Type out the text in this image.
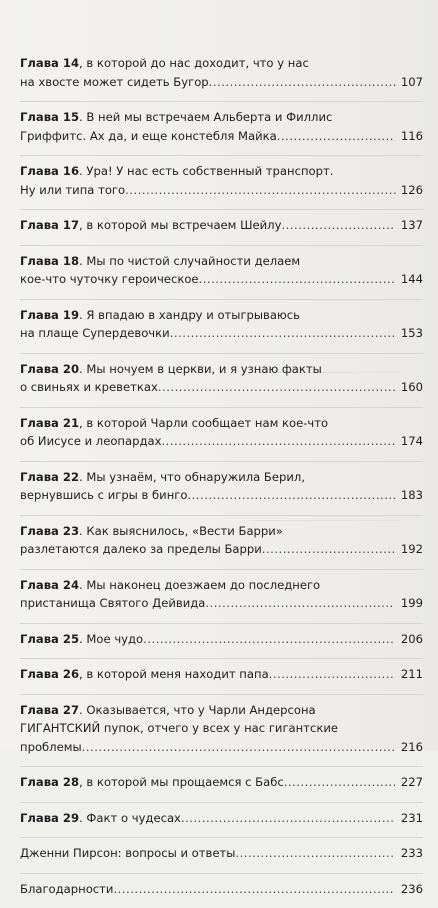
Глава 14, в которой до нас доходит, что у нас
на хвосте может сидеть Бугор............................................. 107
Глава 15. В ней мы встречаем Альберта и Филлис
Гриффитс. Ах да, и еще констебля Майка............................ 116
Глава 16. Ура! У нас есть собственный транспорт.
Ну или типа того................................................................. 126
Глава 17, в которой мы встречаем Шейлу........................... 137
Глава 18. Мы по чистой случайности делаем
кое-что чуточку героическое............................................... 144
Глава 19. Я впадаю в хандру и отыгрываюсь
на плаще Супердевочки...................................................... 153
Глава 20. Мы ночуем в церкви, и я узнаю факты
о свиньях и креветках......................................................... 160
Глава 21, в которой Чарли сообщает нам кое-что
об Иисусе и леопардах........................................................ 174
Глава 22. Мы узнаём, что обнаружила Берил,
вернувшись с игры в бинго.................................................. 183
Глава 23. Как выяснилось, «Вести Барри»
разлетаются далеко за пределы Барри................................ 192
Глава 24. Мы наконец доезжаем до последнего
пристанища Святого Дейвида............................................. 199
Глава 25. Мое чудо............................................................ 206
Глава 26, в которой меня находит папа.............................. 211
Глава 27. Оказывается, что у Чарли Андерсона
ГИГАНТСКИЙ пупок, отчего у всех у нас гигантские
проблемы........................................................................... 216
Глава 28, в которой мы прощаемся с Бабс........................... 227
Глава 29. Факт о чудесах................................................... 231
Дженни Пирсон: вопросы и ответы...................................... 233
Благодарности................................................................... 236
